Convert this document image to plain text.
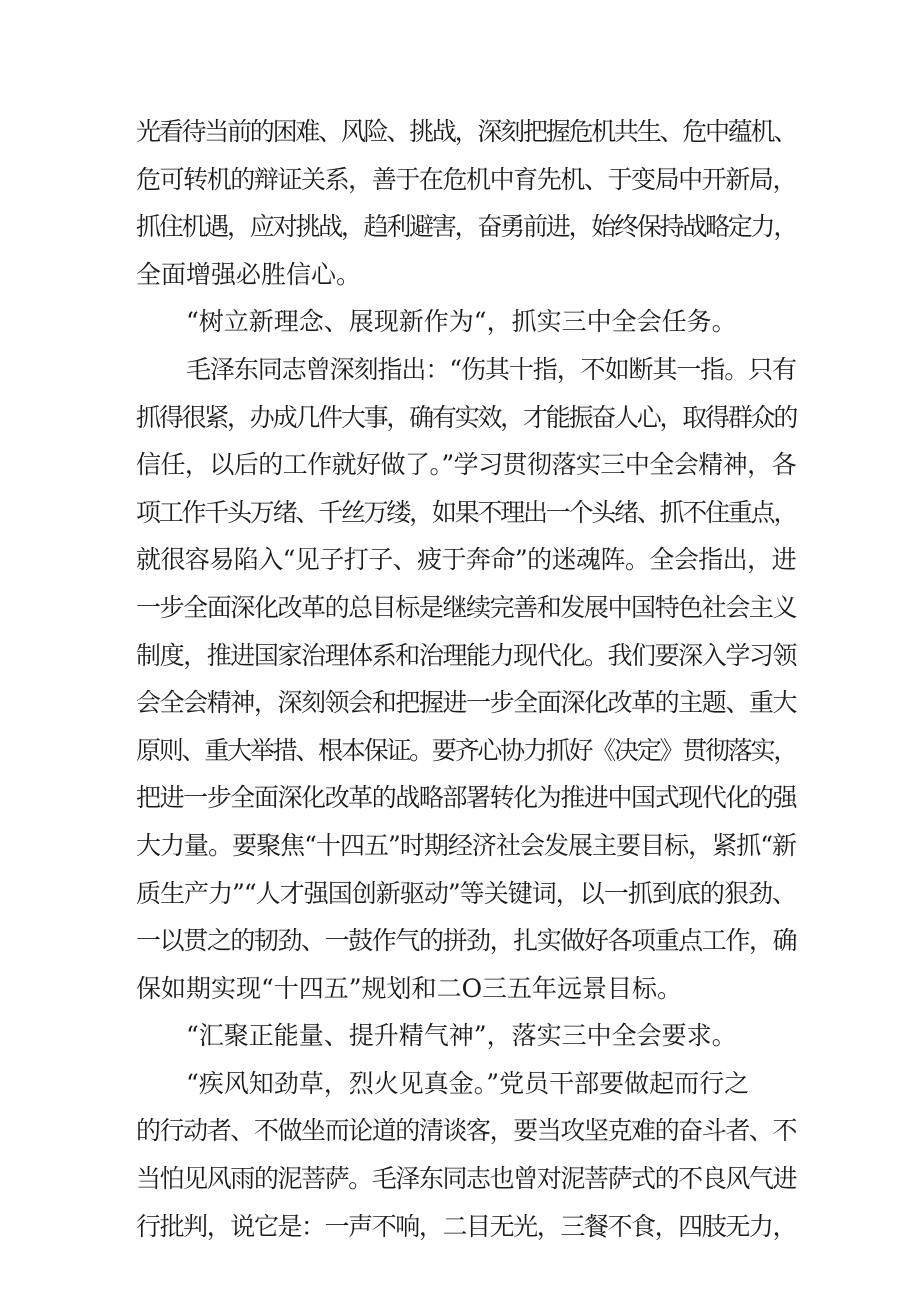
光看待当前的困难、风险、挑战，深刻把握危机共生、危中蕴机、
危可转机的辩证关系，善于在危机中育先机、于变局中开新局，
抓住机遇，应对挑战，趋利避害，奋勇前进，始终保持战略定力，
全面增强必胜信心。
“树立新理念、展现新作为“，抓实三中全会任务。
毛泽东同志曾深刻指出：“伤其十指，不如断其一指。只有
抓得很紧，办成几件大事，确有实效，才能振奋人心，取得群众的
信任，以后的工作就好做了。”学习贯彻落实三中全会精神，各
项工作千头万绪、千丝万缕，如果不理出一个头绪、抓不住重点，
就很容易陷入“见子打子、疲于奔命”的迷魂阵。全会指出，进
一步全面深化改革的总目标是继续完善和发展中国特色社会主义
制度，推进国家治理体系和治理能力现代化。我们要深入学习领
会全会精神，深刻领会和把握进一步全面深化改革的主题、重大
原则、重大举措、根本保证。要齐心协力抓好《决定》贯彻落实，
把进一步全面深化改革的战略部署转化为推进中国式现代化的强
大力量。要聚焦“十四五”时期经济社会发展主要目标，紧抓“新
质生产力”“人才强国创新驱动”等关键词，以一抓到底的狠劲、
一以贯之的韧劲、一鼓作气的拼劲，扎实做好各项重点工作，确
保如期实现“十四五”规划和二O三五年远景目标。
“汇聚正能量、提升精气神”，落实三中全会要求。
“疾风知劲草，烈火见真金。”党员干部要做起而行之
的行动者、不做坐而论道的清谈客，要当攻坚克难的奋斗者、不
当怕见风雨的泥菩萨。毛泽东同志也曾对泥菩萨式的不良风气进
行批判，说它是：一声不响，二目无光，三餐不食，四肢无力，
